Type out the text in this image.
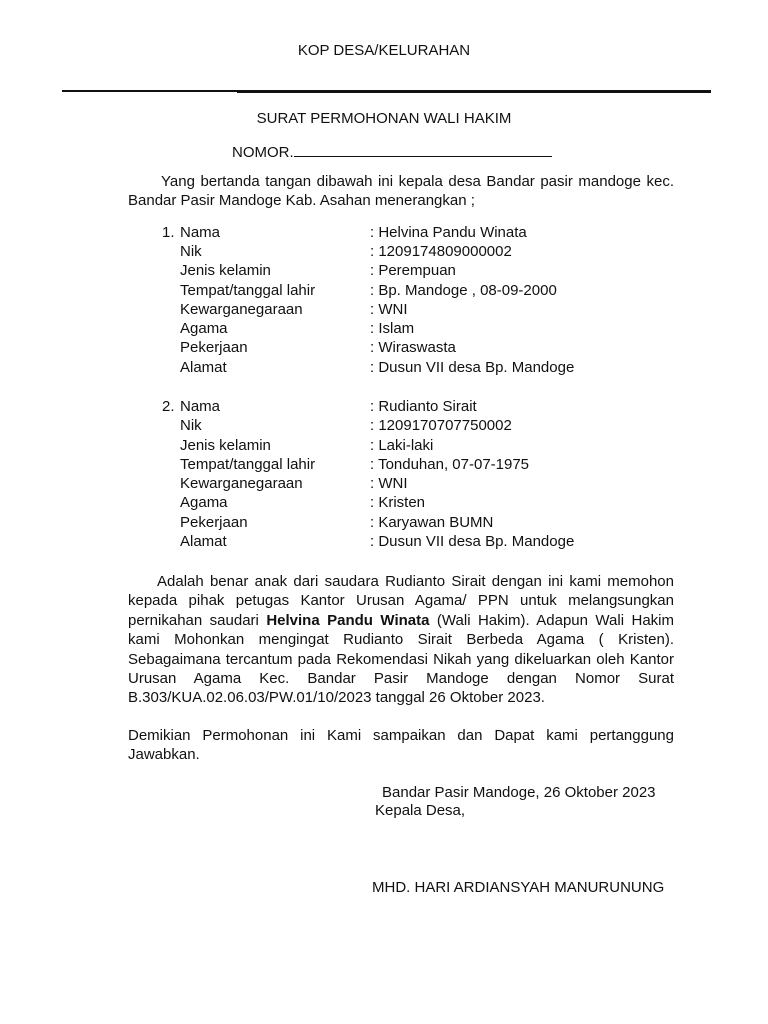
KOP DESA/KELURAHAN
SURAT PERMOHONAN WALI HAKIM
NOMOR.
Yang bertanda tangan dibawah ini kepala desa Bandar pasir mandoge kec. Bandar Pasir Mandoge Kab. Asahan menerangkan ;
1. Nama	: Helvina Pandu Winata
Nik	: 1209174809000002
Jenis kelamin	: Perempuan
Tempat/tanggal lahir	: Bp. Mandoge , 08-09-2000
Kewarganegaraan	: WNI
Agama	: Islam
Pekerjaan	: Wiraswasta
Alamat	: Dusun VII desa Bp. Mandoge
2. Nama	: Rudianto Sirait
Nik	: 1209170707750002
Jenis kelamin	: Laki-laki
Tempat/tanggal lahir	: Tonduhan, 07-07-1975
Kewarganegaraan	: WNI
Agama	: Kristen
Pekerjaan	: Karyawan BUMN
Alamat	: Dusun VII desa Bp. Mandoge
Adalah benar anak dari saudara Rudianto Sirait dengan ini kami memohon kepada pihak petugas Kantor Urusan Agama/ PPN untuk melangsungkan pernikahan saudari Helvina Pandu Winata (Wali Hakim). Adapun Wali Hakim kami Mohonkan mengingat Rudianto Sirait Berbeda Agama ( Kristen). Sebagaimana tercantum pada Rekomendasi Nikah yang dikeluarkan oleh Kantor Urusan Agama Kec. Bandar Pasir Mandoge dengan Nomor Surat B.303/KUA.02.06.03/PW.01/10/2023 tanggal 26 Oktober 2023.
Demikian Permohonan ini Kami sampaikan dan Dapat kami pertanggung Jawabkan.
Bandar Pasir Mandoge, 26 Oktober 2023
Kepala Desa,
MHD. HARI ARDIANSYAH MANURUNUNG
